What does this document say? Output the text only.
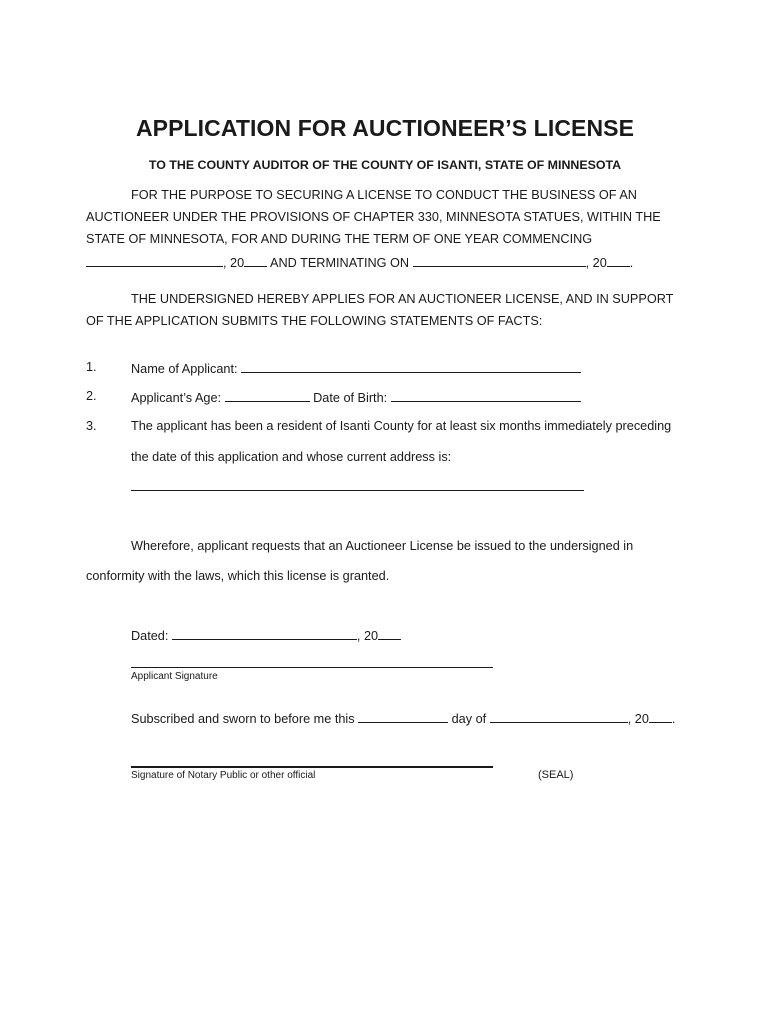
APPLICATION FOR AUCTIONEER’S LICENSE
TO THE COUNTY AUDITOR OF THE COUNTY OF ISANTI, STATE OF MINNESOTA
FOR THE PURPOSE TO SECURING A LICENSE TO CONDUCT THE BUSINESS OF AN
AUCTIONEER UNDER THE PROVISIONS OF CHAPTER 330, MINNESOTA STATUES, WITHIN THE
STATE OF MINNESOTA, FOR AND DURING THE TERM OF ONE YEAR COMMENCING
, 20 AND TERMINATING ON	, 20 .
THE UNDERSIGNED HEREBY APPLIES FOR AN AUCTIONEER LICENSE, AND IN SUPPORT
OF THE APPLICATION SUBMITS THE FOLLOWING STATEMENTS OF FACTS:
1.	Name of Applicant:
2.	Applicant’s Age:	Date of Birth:
3.	The applicant has been a resident of Isanti County for at least six months immediately preceding
the date of this application and whose current address is:
Wherefore, applicant requests that an Auctioneer License be issued to the undersigned in
conformity with the laws, which this license is granted.
Dated:	, 20
Applicant Signature
Subscribed and sworn to before me this	day of	, 20 .
Signature of Notary Public or other official	(SEAL)
